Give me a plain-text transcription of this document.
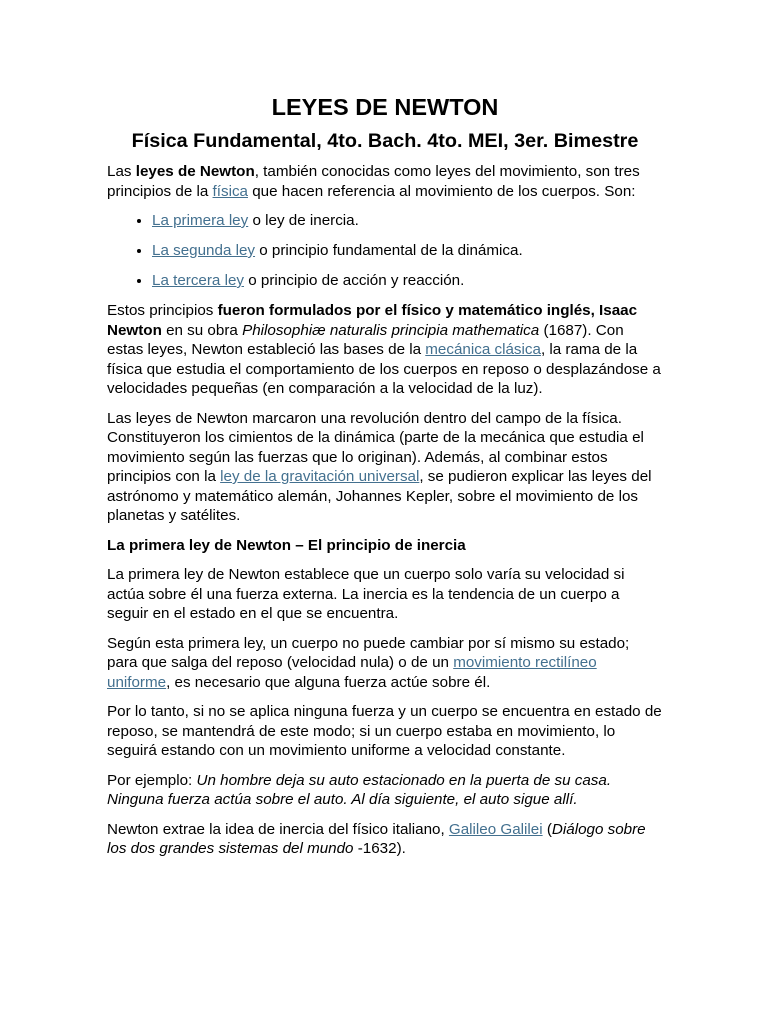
LEYES DE NEWTON
Física Fundamental, 4to. Bach. 4to. MEI, 3er. Bimestre

Las leyes de Newton, también conocidas como leyes del movimiento, son tres principios de la física que hacen referencia al movimiento de los cuerpos. Son:

• La primera ley o ley de inercia.
• La segunda ley o principio fundamental de la dinámica.
• La tercera ley o principio de acción y reacción.

Estos principios fueron formulados por el físico y matemático inglés, Isaac Newton en su obra Philosophiæ naturalis principia mathematica (1687). Con estas leyes, Newton estableció las bases de la mecánica clásica, la rama de la física que estudia el comportamiento de los cuerpos en reposo o desplazándose a velocidades pequeñas (en comparación a la velocidad de la luz).

Las leyes de Newton marcaron una revolución dentro del campo de la física. Constituyeron los cimientos de la dinámica (parte de la mecánica que estudia el movimiento según las fuerzas que lo originan). Además, al combinar estos principios con la ley de la gravitación universal, se pudieron explicar las leyes del astrónomo y matemático alemán, Johannes Kepler, sobre el movimiento de los planetas y satélites.

La primera ley de Newton – El principio de inercia

La primera ley de Newton establece que un cuerpo solo varía su velocidad si actúa sobre él una fuerza externa. La inercia es la tendencia de un cuerpo a seguir en el estado en el que se encuentra.

Según esta primera ley, un cuerpo no puede cambiar por sí mismo su estado; para que salga del reposo (velocidad nula) o de un movimiento rectilíneo uniforme, es necesario que alguna fuerza actúe sobre él.

Por lo tanto, si no se aplica ninguna fuerza y un cuerpo se encuentra en estado de reposo, se mantendrá de este modo; si un cuerpo estaba en movimiento, lo seguirá estando con un movimiento uniforme a velocidad constante.

Por ejemplo: Un hombre deja su auto estacionado en la puerta de su casa. Ninguna fuerza actúa sobre el auto. Al día siguiente, el auto sigue allí.

Newton extrae la idea de inercia del físico italiano, Galileo Galilei (Diálogo sobre los dos grandes sistemas del mundo -1632).
